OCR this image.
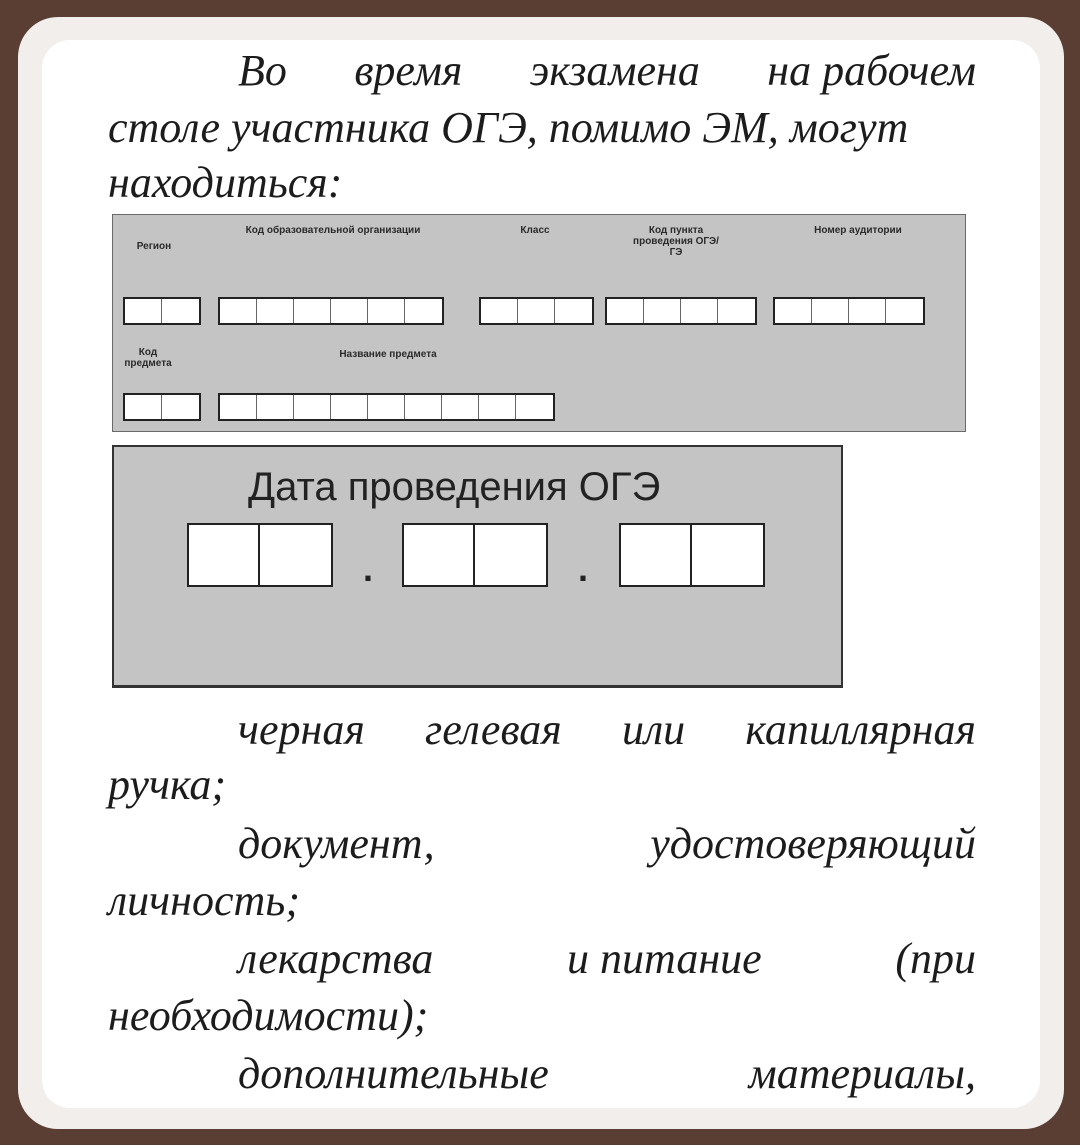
Во время экзамена на рабочем
столе участника ОГЭ, помимо ЭМ, могут
находиться:
Регион
Код образовательной организации	Класс	Код пункта проведения ОГЭ/ГЭ
Номер аудитории
Код предмета
Название предмета
Дата проведения ОГЭ
.	.
черная гелевая или капиллярная
ручка;
документ,	удостоверяющий
личность;
лекарства	и питание	(при
необходимости);
дополнительные	материалы,
